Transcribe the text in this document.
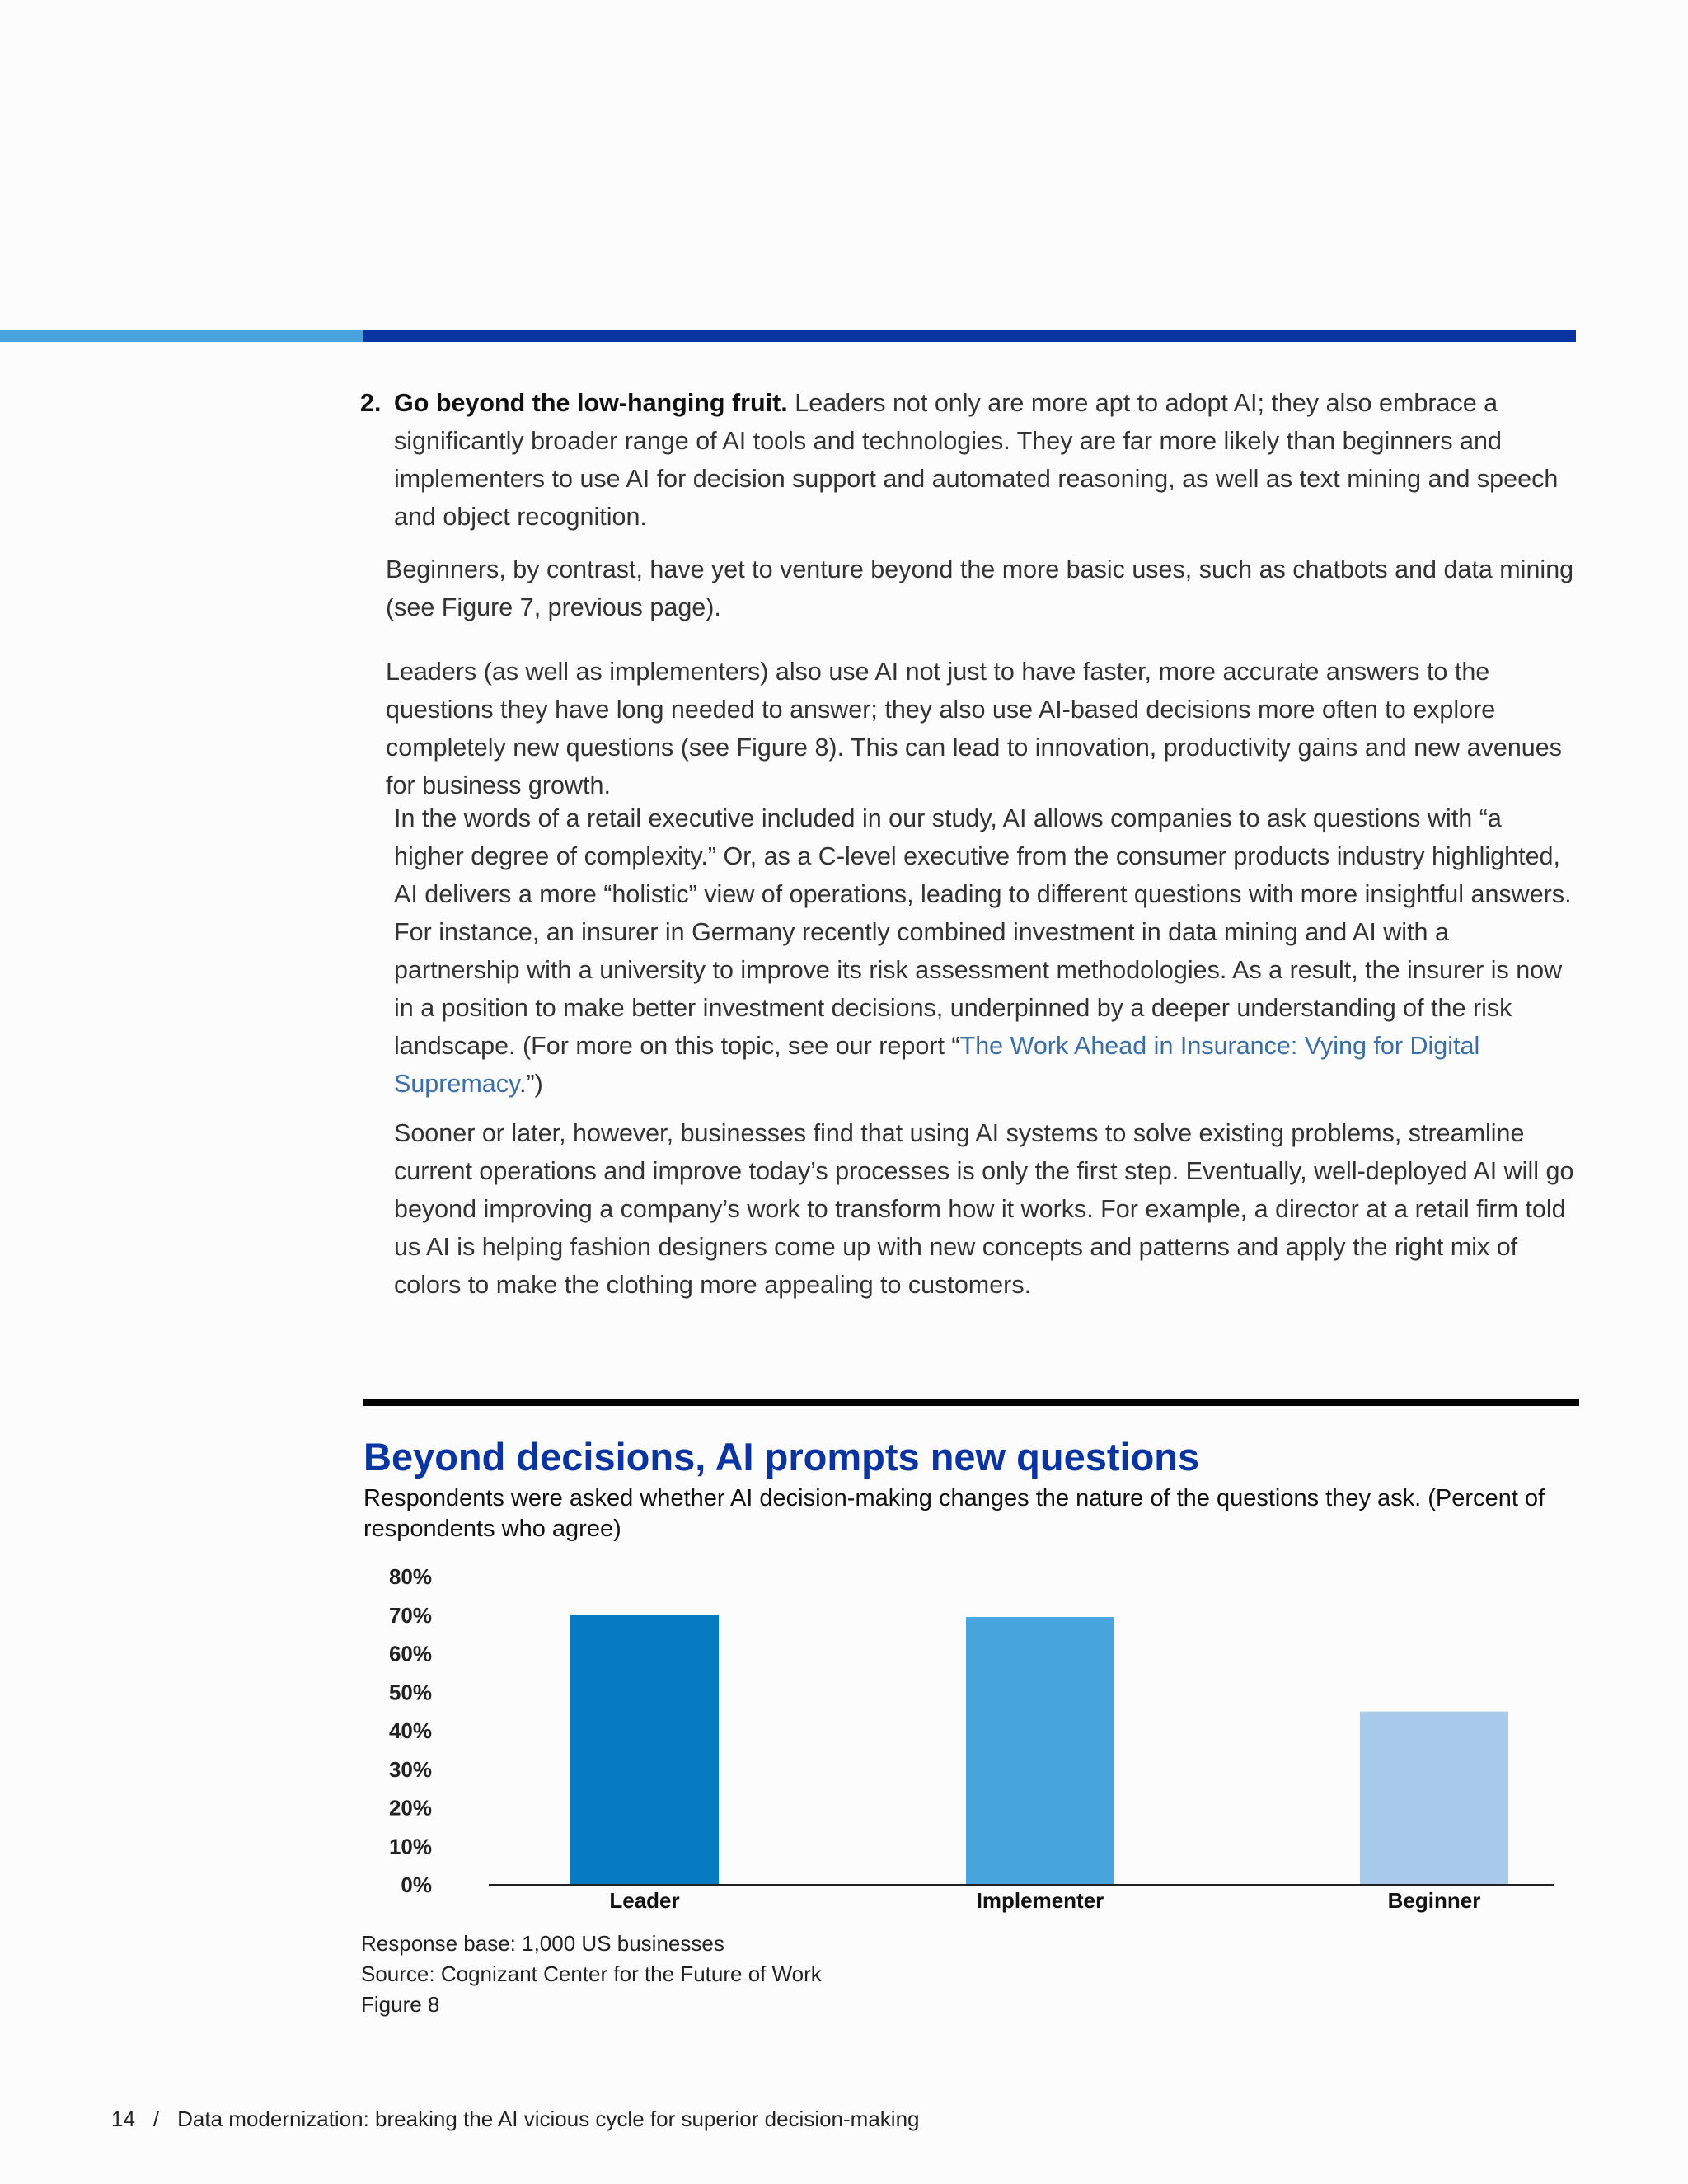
2. Go beyond the low-hanging fruit. Leaders not only are more apt to adopt AI; they also embrace a significantly broader range of AI tools and technologies. They are far more likely than beginners and implementers to use AI for decision support and automated reasoning, as well as text mining and speech and object recognition.

Beginners, by contrast, have yet to venture beyond the more basic uses, such as chatbots and data mining (see Figure 7, previous page).

Leaders (as well as implementers) also use AI not just to have faster, more accurate answers to the questions they have long needed to answer; they also use AI-based decisions more often to explore completely new questions (see Figure 8). This can lead to innovation, productivity gains and new avenues for business growth.

In the words of a retail executive included in our study, AI allows companies to ask questions with “a higher degree of complexity.” Or, as a C-level executive from the consumer products industry highlighted, AI delivers a more “holistic” view of operations, leading to different questions with more insightful answers. For instance, an insurer in Germany recently combined investment in data mining and AI with a partnership with a university to improve its risk assessment methodologies. As a result, the insurer is now in a position to make better investment decisions, underpinned by a deeper understanding of the risk landscape. (For more on this topic, see our report “The Work Ahead in Insurance: Vying for Digital Supremacy.”)

Sooner or later, however, businesses find that using AI systems to solve existing problems, streamline current operations and improve today’s processes is only the first step. Eventually, well-deployed AI will go beyond improving a company’s work to transform how it works. For example, a director at a retail firm told us AI is helping fashion designers come up with new concepts and patterns and apply the right mix of colors to make the clothing more appealing to customers.

Beyond decisions, AI prompts new questions

Respondents were asked whether AI decision-making changes the nature of the questions they ask. (Percent of respondents who agree)

0%
10%
20%
30%
40%
50%
60%
70%
80%
Leader	Implementer	Beginner
Response base: 1,000 US businesses
Source: Cognizant Center for the Future of Work
Figure 8
14 / Data modernization: breaking the AI vicious cycle for superior decision-making
